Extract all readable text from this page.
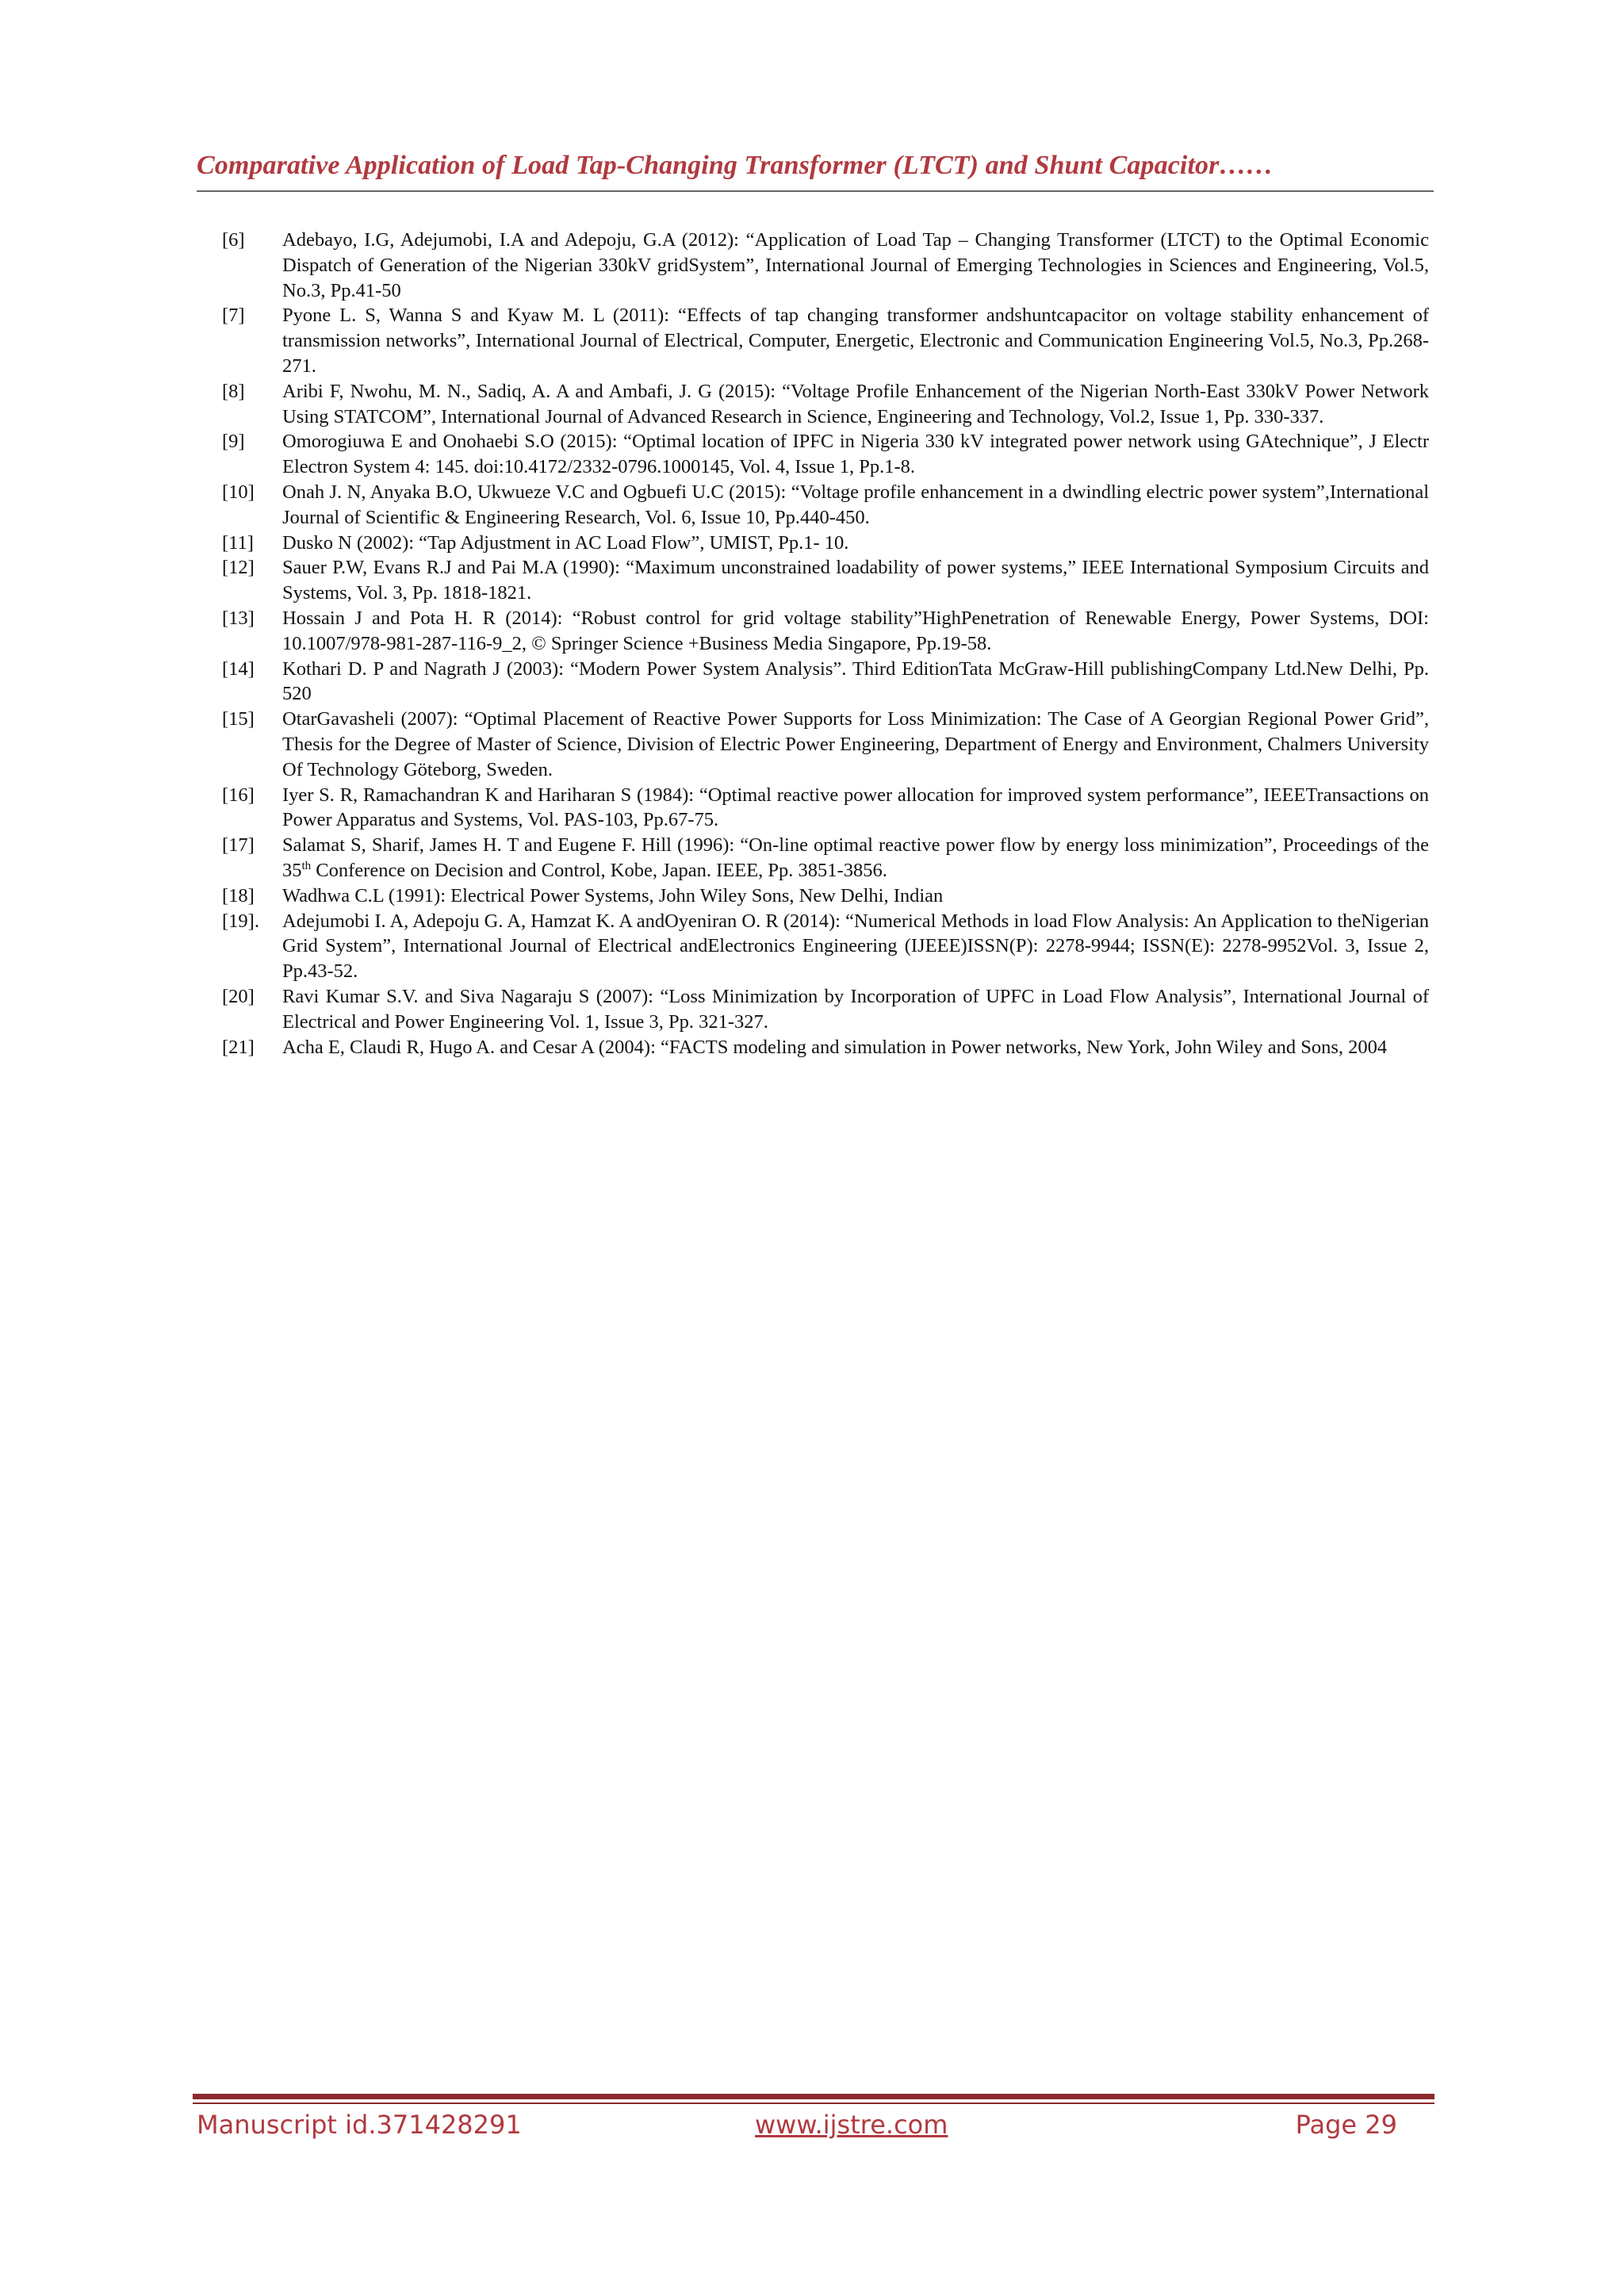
Comparative Application of Load Tap-Changing Transformer (LTCT) and Shunt Capacitor……
[6]	Adebayo, I.G, Adejumobi, I.A and Adepoju, G.A (2012): “Application of Load Tap – Changing Transformer (LTCT) to the Optimal Economic Dispatch of Generation of the Nigerian 330kV gridSystem”, International Journal of Emerging Technologies in Sciences and Engineering, Vol.5, No.3, Pp.41-50
[7]	Pyone L. S, Wanna S and Kyaw M. L (2011): “Effects of tap changing transformer andshuntcapacitor on voltage stability enhancement of transmission networks”, International Journal of Electrical, Computer, Energetic, Electronic and Communication Engineering Vol.5, No.3, Pp.268-271.
[8]	Aribi F, Nwohu, M. N., Sadiq, A. A and Ambafi, J. G (2015): “Voltage Profile Enhancement of the Nigerian North-East 330kV Power Network Using STATCOM”, International Journal of Advanced Research in Science, Engineering and Technology, Vol.2, Issue 1, Pp. 330-337.
[9]	Omorogiuwa E and Onohaebi S.O (2015): “Optimal location of IPFC in Nigeria 330 kV integrated power network using GAtechnique”, J Electr Electron System 4: 145. doi:10.4172/2332-0796.1000145, Vol. 4, Issue 1, Pp.1-8.
[10]	Onah J. N, Anyaka B.O, Ukwueze V.C and Ogbuefi U.C (2015): “Voltage profile enhancement in a dwindling electric power system”,International Journal of Scientific & Engineering Research, Vol. 6, Issue 10, Pp.440-450.
[11]	Dusko N (2002): “Tap Adjustment in AC Load Flow”, UMIST, Pp.1- 10.
[12]	Sauer P.W, Evans R.J and Pai M.A (1990): “Maximum unconstrained loadability of power systems,” IEEE International Symposium Circuits and Systems, Vol. 3, Pp. 1818-1821.
[13]	Hossain J and Pota H. R (2014): “Robust control for grid voltage stability”HighPenetration of Renewable Energy, Power Systems, DOI: 10.1007/978-981-287-116-9_2, © Springer Science +Business Media Singapore, Pp.19-58.
[14]	Kothari D. P and Nagrath J (2003): “Modern Power System Analysis”. Third EditionTata McGraw-Hill publishingCompany Ltd.New Delhi, Pp. 520
[15]	OtarGavasheli (2007): “Optimal Placement of Reactive Power Supports for Loss Minimization: The Case of A Georgian Regional Power Grid”, Thesis for the Degree of Master of Science, Division of Electric Power Engineering, Department of Energy and Environment, Chalmers University Of Technology Göteborg, Sweden.
[16]	Iyer S. R, Ramachandran K and Hariharan S (1984): “Optimal reactive power allocation for improved system performance”, IEEETransactions on Power Apparatus and Systems, Vol. PAS-103, Pp.67-75.
[17]	Salamat S, Sharif, James H. T and Eugene F. Hill (1996): “On-line optimal reactive power flow by energy loss minimization”, Proceedings of the 35th Conference on Decision and Control, Kobe, Japan. IEEE, Pp. 3851-3856.
[18]	Wadhwa C.L (1991): Electrical Power Systems, John Wiley Sons, New Delhi, Indian
[19].	Adejumobi I. A, Adepoju G. A, Hamzat K. A andOyeniran O. R (2014): “Numerical Methods in load Flow Analysis: An Application to theNigerian Grid System”, International Journal of Electrical andElectronics Engineering (IJEEE)ISSN(P): 2278-9944; ISSN(E): 2278-9952Vol. 3, Issue 2, Pp.43-52.
[20]	Ravi Kumar S.V. and Siva Nagaraju S (2007): “Loss Minimization by Incorporation of UPFC in Load Flow Analysis”, International Journal of Electrical and Power Engineering Vol. 1, Issue 3, Pp. 321-327.
[21]	Acha E, Claudi R, Hugo A. and Cesar A (2004): “FACTS modeling and simulation in Power networks, New York, John Wiley and Sons, 2004
Manuscript id.371428291	www.ijstre.com	Page 29
